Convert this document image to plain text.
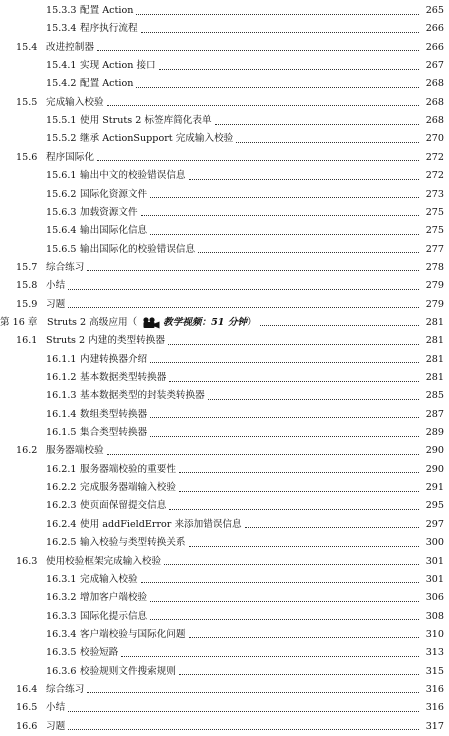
15.3.3 配置 Action	265
15.3.4 程序执行流程	266
15.4 改进控制器	266
15.4.1 实现 Action 接口	267
15.4.2 配置 Action	268
15.5 完成输入校验	268
15.5.1 使用 Struts 2 标签库简化表单	268
15.5.2 继承 ActionSupport 完成输入校验	270
15.6 程序国际化	272
15.6.1 输出中文的校验错误信息	272
15.6.2 国际化资源文件	273
15.6.3 加载资源文件	275
15.6.4 输出国际化信息	275
15.6.5 输出国际化的校验错误信息	277
15.7 综合练习	278
15.8 小结	279
15.9 习题	279
第 16 章 Struts 2 高级应用（	教学视频：51 分钟 ）	281
16.1 Struts 2 内建的类型转换器	281
16.1.1 内建转换器介绍	281
16.1.2 基本数据类型转换器	281
16.1.3 基本数据类型的封装类转换器	285
16.1.4 数组类型转换器	287
16.1.5 集合类型转换器	289
16.2 服务器端校验	290
16.2.1 服务器端校验的重要性	290
16.2.2 完成服务器端输入校验	291
16.2.3 使页面保留提交信息	295
16.2.4 使用 addFieldError 来添加错误信息	297
16.2.5 输入校验与类型转换关系	300
16.3 使用校验框架完成输入校验	301
16.3.1 完成输入校验	301
16.3.2 增加客户端校验	306
16.3.3 国际化提示信息	308
16.3.4 客户端校验与国际化问题	310
16.3.5 校验短路	313
16.3.6 校验规则文件搜索规则	315
16.4 综合练习	316
16.5 小结	316
16.6 习题	317
